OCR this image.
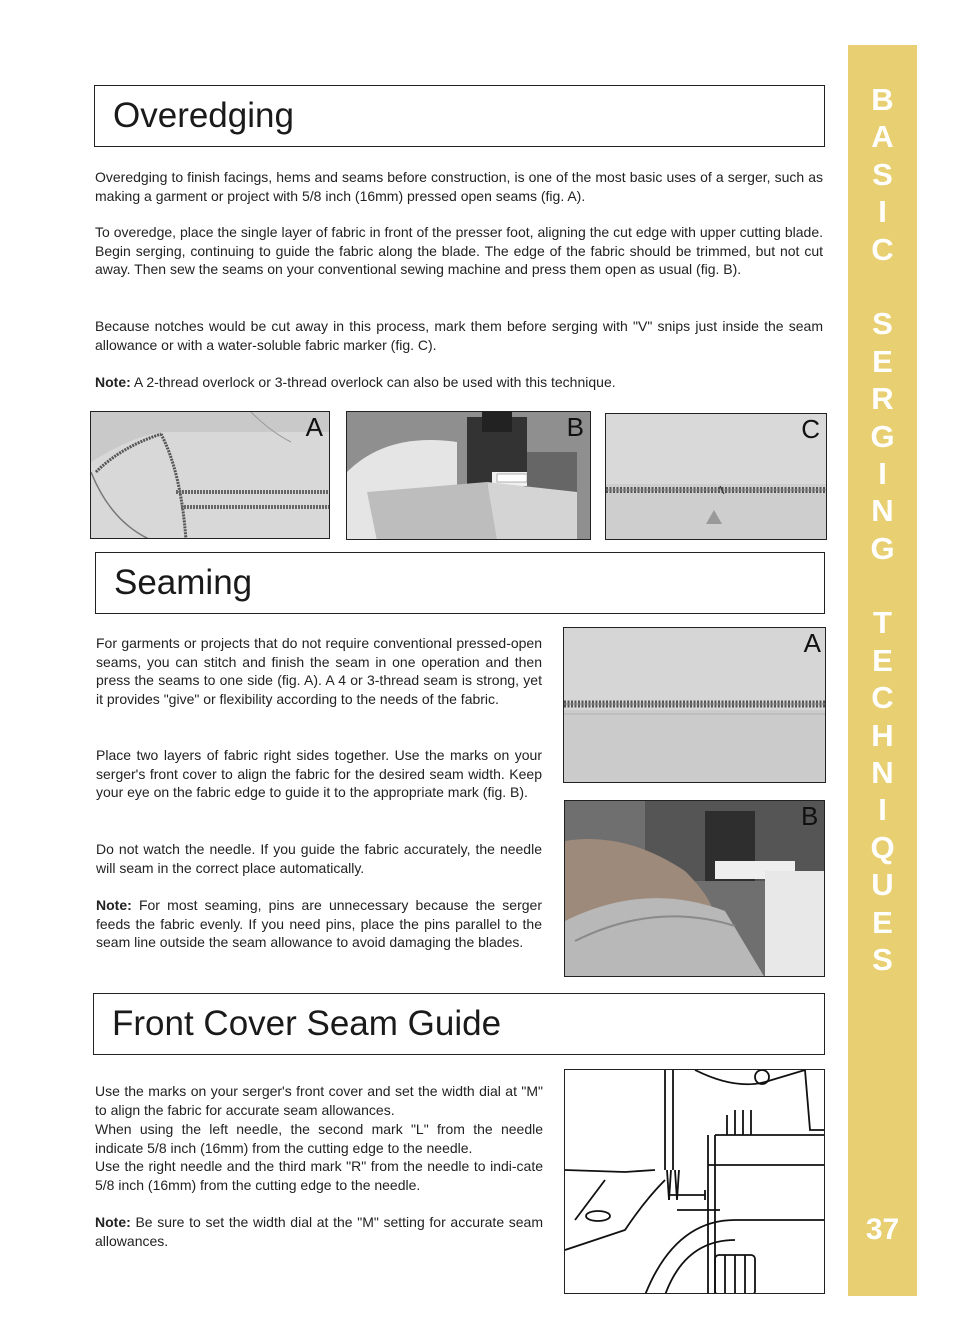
B
A
S
I
C
S
E
R
G
I
N
G
T
E
C
H
N
I
Q
U
E
S
37
Overedging
Overedging to finish facings, hems and seams before construction, is one of the most basic uses of a serger, such as making a garment or project with 5/8 inch (16mm) pressed open seams (fig. A).
To overedge, place the single layer of fabric in front of the presser foot, aligning the cut edge with upper cutting blade. Begin serging, continuing to guide the fabric along the blade. The edge of the fabric should be trimmed, but not cut away. Then sew the seams on your conventional sewing machine and press them open as usual (fig. B).
Because notches would be cut away in this process, mark them before serging with "V" snips just inside the seam allowance or with a water-soluble fabric marker (fig. C).
Note: A 2-thread overlock or 3-thread overlock can also be used with this technique.
A	B	C
Seaming
For garments or projects that do not require conventional pressed-open seams, you can stitch and finish the seam in one operation and then press the seams to one side (fig. A). A 4 or 3-thread seam is strong, yet it provides "give" or flexibility according to the needs of the fabric.
Place two layers of fabric right sides together. Use the marks on your serger's front cover to align the fabric for the desired seam width. Keep your eye on the fabric edge to guide it to the appropriate mark (fig. B).
Do not watch the needle. If you guide the fabric accurately, the needle will seam in the correct place automatically.
Note: For most seaming, pins are unnecessary because the serger feeds the fabric evenly. If you need pins, place the pins parallel to the seam line outside the seam allowance to avoid damaging the blades.
A
B
Front Cover Seam Guide
Use the marks on your serger's front cover and set the width dial at "M" to align the fabric for accurate seam allowances.
When using the left needle, the second mark "L" from the needle indicate 5/8 inch (16mm) from the cutting edge to the needle.
Use the right needle and the third mark "R" from the needle to indi-cate 5/8 inch (16mm) from the cutting edge to the needle.
Note: Be sure to set the width dial at the "M" setting for accurate seam allowances.
